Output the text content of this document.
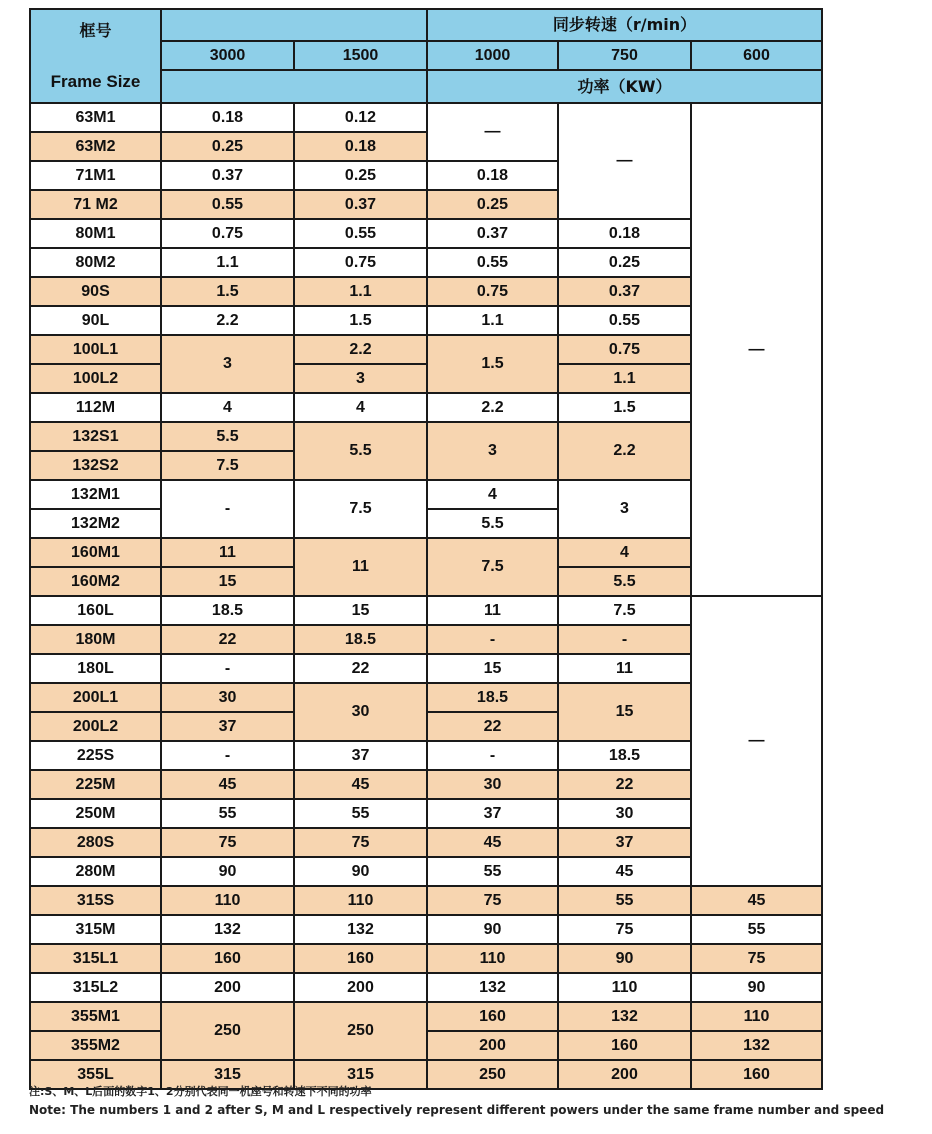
框号
Frame Size			同步转速（r/min）		
	3000	1500	1000	750	600
			功率（KW）		
63M1	0.18	0.12	—	—	—
63M2	0.25	0.18			
71M1	0.37	0.25	0.18		
71 M2	0.55	0.37	0.25		
80M1	0.75	0.55	0.37	0.18	
80M2	1.1	0.75	0.55	0.25	
90S	1.5	1.1	0.75	0.37	
90L	2.2	1.5	1.1	0.55	
100L1	3	2.2	1.5	0.75	
100L2		3		1.1	
112M	4	4	2.2	1.5	
132S1	5.5	5.5	3	2.2	
132S2	7.5				
132M1	-	7.5	4	3	
132M2			5.5		
160M1	11	11	7.5	4	
160M2	15			5.5	
160L	18.5	15	11	7.5	—
180M	22	18.5	-	-	
180L	-	22	15	11	
200L1	30	30	18.5	15	
200L2	37		22		
225S	-	37	-	18.5	
225M	45	45	30	22	
250M	55	55	37	30	
280S	75	75	45	37	
280M	90	90	55	45	
315S	110	110	75	55	45
315M	132	132	90	75	55
315L1	160	160	110	90	75
315L2	200	200	132	110	90
355M1	250	250	160	132	110
355M2			200	160	132
355L	315	315	250	200	160
注:S、M、L后面的数字1、2分别代表同一机座号和转速下不同的功率
Note: The numbers 1 and 2 after S, M and L respectively represent different powers under the same frame number and speed
